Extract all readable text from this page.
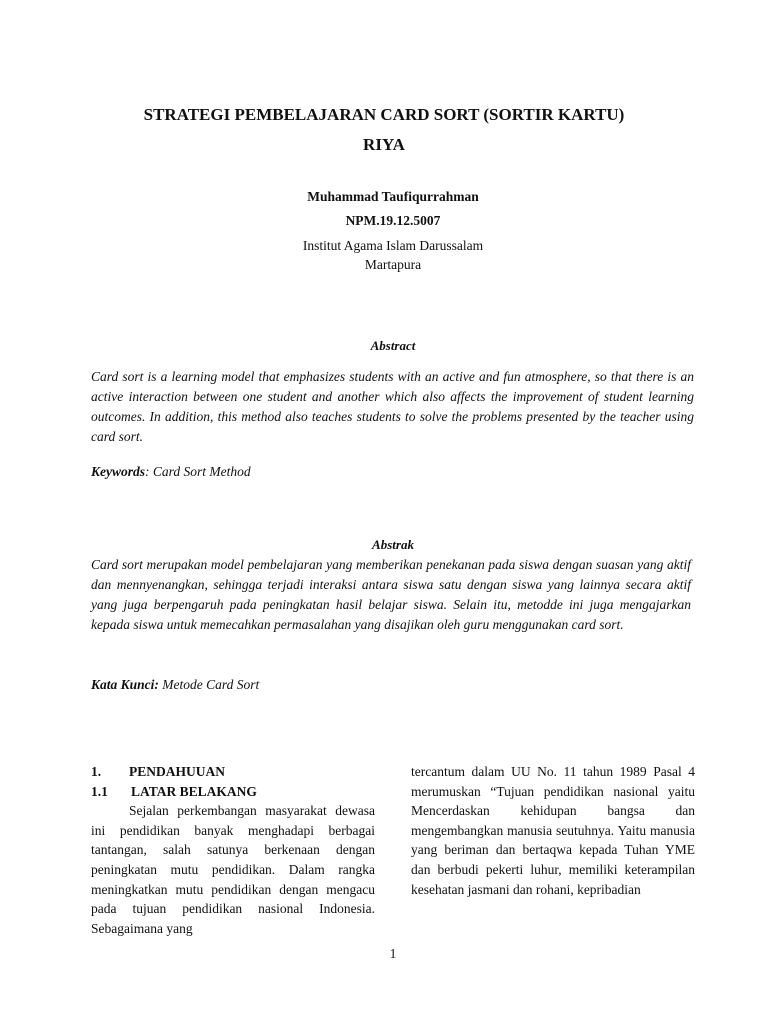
STRATEGI PEMBELAJARAN CARD SORT (SORTIR KARTU)
RIYA
Muhammad Taufiqurrahman
NPM.19.12.5007
Institut Agama Islam Darussalam
Martapura
Abstract
Card sort is a learning model that emphasizes students with an active and fun atmosphere, so that there is an active interaction between one student and another which also affects the improvement of student learning outcomes. In addition, this method also teaches students to solve the problems presented by the teacher using card sort.
Keywords: Card Sort Method
Abstrak
Card sort merupakan model pembelajaran yang memberikan penekanan pada siswa dengan suasan yang aktif dan mennyenangkan, sehingga terjadi interaksi antara siswa satu dengan siswa yang lainnya secara aktif yang juga berpengaruh pada peningkatan hasil belajar siswa. Selain itu, metodde ini juga mengajarkan kepada siswa untuk memecahkan permasalahan yang disajikan oleh guru menggunakan card sort.
Kata Kunci: Metode Card Sort
1.	PENDAHUUAN
1.1	LATAR BELAKANG
Sejalan perkembangan masyarakat dewasa ini pendidikan banyak menghadapi berbagai tantangan, salah satunya berkenaan dengan peningkatan mutu pendidikan. Dalam rangka meningkatkan mutu pendidikan dengan mengacu pada tujuan pendidikan nasional Indonesia. Sebagaimana yang
tercantum dalam UU No. 11 tahun 1989 Pasal 4 merumuskan “Tujuan pendidikan nasional yaitu Mencerdaskan kehidupan bangsa dan mengembangkan manusia seutuhnya. Yaitu manusia yang beriman dan bertaqwa kepada Tuhan YME dan berbudi pekerti luhur, memiliki keterampilan kesehatan jasmani dan rohani, kepribadian
1
